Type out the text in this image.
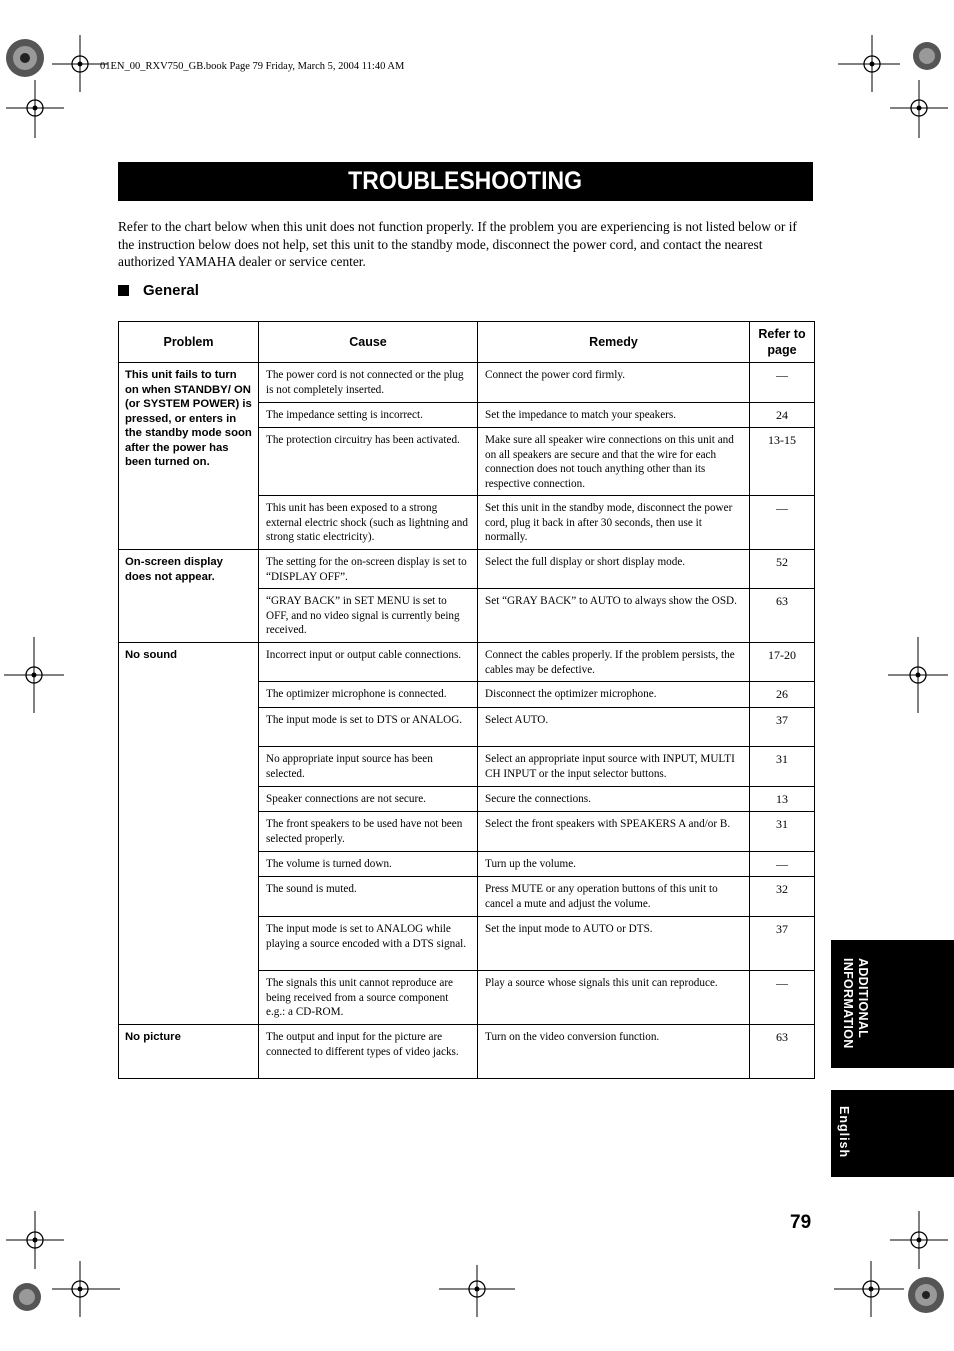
01EN_00_RXV750_GB.book Page 79 Friday, March 5, 2004 11:40 AM
TROUBLESHOOTING

Refer to the chart below when this unit does not function properly. If the problem you are experiencing is not listed below or if the instruction below does not help, set this unit to the standby mode, disconnect the power cord, and contact the nearest authorized YAMAHA dealer or service center.

General
Problem	Cause	Remedy	Refer to page
This unit fails to turn on when STANDBY/ ON (or SYSTEM POWER) is pressed, or enters in the standby mode soon after the power has been turned on.	The power cord is not connected or the plug is not completely inserted.	Connect the power cord firmly.	—
	The impedance setting is incorrect.	Set the impedance to match your speakers.	24
	The protection circuitry has been activated.	Make sure all speaker wire connections on this unit and on all speakers are secure and that the wire for each connection does not touch anything other than its respective connection.	13-15
	This unit has been exposed to a strong external electric shock (such as lightning and strong static electricity).	Set this unit in the standby mode, disconnect the power cord, plug it back in after 30 seconds, then use it normally.	—
On-screen display does not appear.	The setting for the on-screen display is set to “DISPLAY OFF”.	Select the full display or short display mode.	52
	“GRAY BACK” in SET MENU is set to OFF, and no video signal is currently being received.	Set “GRAY BACK” to AUTO to always show the OSD.	63
No sound	Incorrect input or output cable connections.	Connect the cables properly. If the problem persists, the cables may be defective.	17-20
	The optimizer microphone is connected.	Disconnect the optimizer microphone.	26
	The input mode is set to DTS or ANALOG.	Select AUTO.	37
	No appropriate input source has been selected.	Select an appropriate input source with INPUT, MULTI CH INPUT or the input selector buttons.	31
	Speaker connections are not secure.	Secure the connections.	13
	The front speakers to be used have not been selected properly.	Select the front speakers with SPEAKERS A and/or B.	31
	The volume is turned down.	Turn up the volume.	—
	The sound is muted.	Press MUTE or any operation buttons of this unit to cancel a mute and adjust the volume.	32
	The input mode is set to ANALOG while playing a source encoded with a DTS signal.	Set the input mode to AUTO or DTS.	37
	The signals this unit cannot reproduce are being received from a source component e.g.: a CD-ROM.	Play a source whose signals this unit can reproduce.	—
No picture	The output and input for the picture are connected to different types of video jacks.	Turn on the video conversion function.	63	ADDITIONAL
INFORMATION
English
79
